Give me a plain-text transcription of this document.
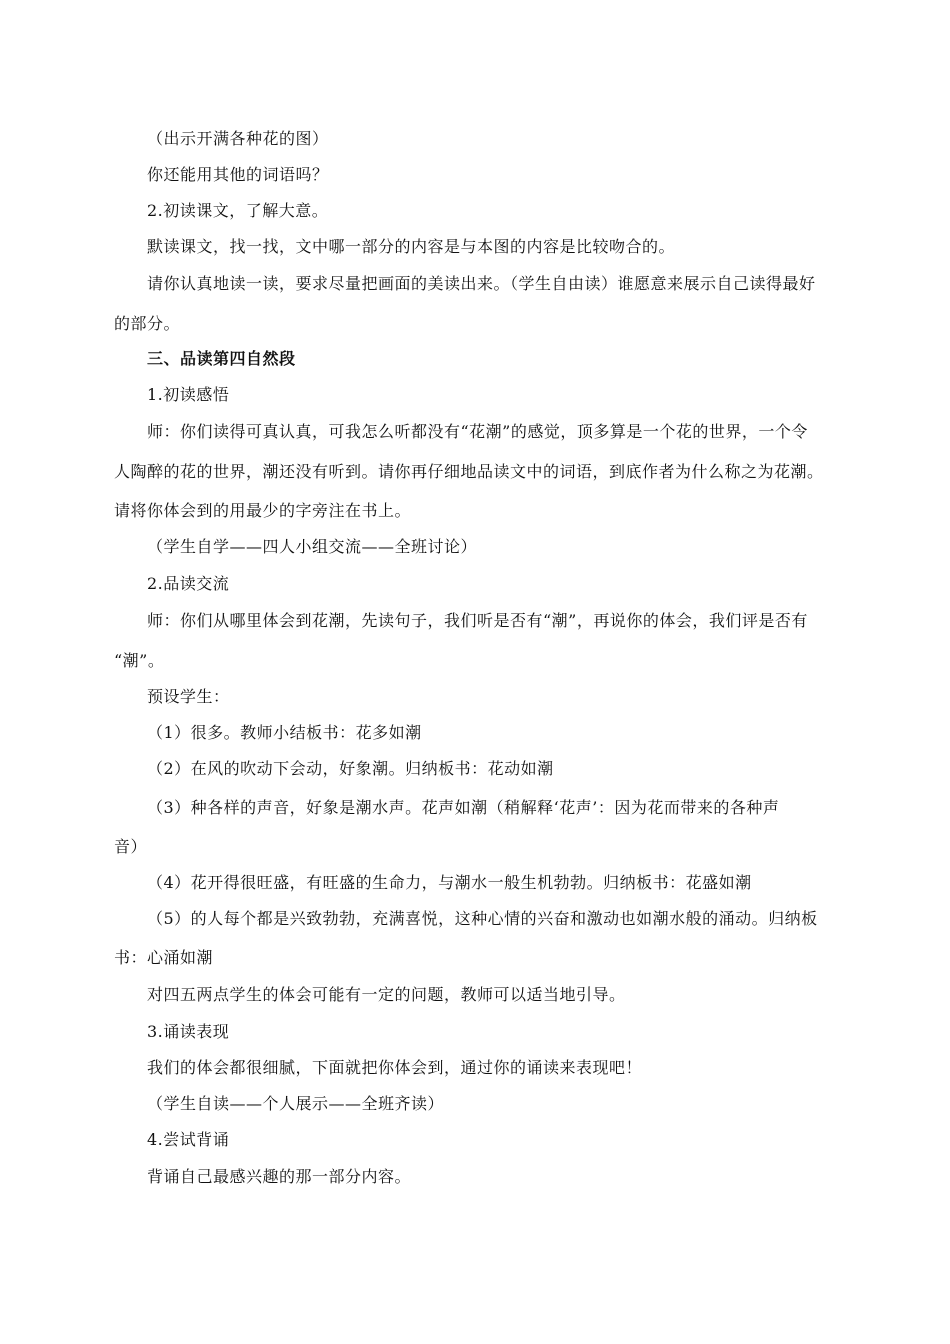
（出示开满各种花的图）
你还能用其他的词语吗？
2.初读课文，了解大意。
默读课文，找一找，文中哪一部分的内容是与本图的内容是比较吻合的。
请你认真地读一读，要求尽量把画面的美读出来。（学生自由读）谁愿意来展示自己读得最好
的部分。
三、品读第四自然段
1.初读感悟
师：你们读得可真认真，可我怎么听都没有“花潮”的感觉，顶多算是一个花的世界，一个令
人陶醉的花的世界，潮还没有听到。请你再仔细地品读文中的词语，到底作者为什么称之为花潮。
请将你体会到的用最少的字旁注在书上。
（学生自学——四人小组交流——全班讨论）
2.品读交流
师：你们从哪里体会到花潮，先读句子，我们听是否有“潮”，再说你的体会，我们评是否有
“潮”。
预设学生：
（1）很多。教师小结板书：花多如潮
（2）在风的吹动下会动，好象潮。归纳板书：花动如潮
（3）种各样的声音，好象是潮水声。花声如潮（稍解释‘花声’：因为花而带来的各种声
音）
（4）花开得很旺盛，有旺盛的生命力，与潮水一般生机勃勃。归纳板书：花盛如潮
（5）的人每个都是兴致勃勃，充满喜悦，这种心情的兴奋和激动也如潮水般的涌动。归纳板
书：心涌如潮
对四五两点学生的体会可能有一定的问题，教师可以适当地引导。
3.诵读表现
我们的体会都很细腻，下面就把你体会到，通过你的诵读来表现吧！
（学生自读——个人展示——全班齐读）
4.尝试背诵
背诵自己最感兴趣的那一部分内容。
